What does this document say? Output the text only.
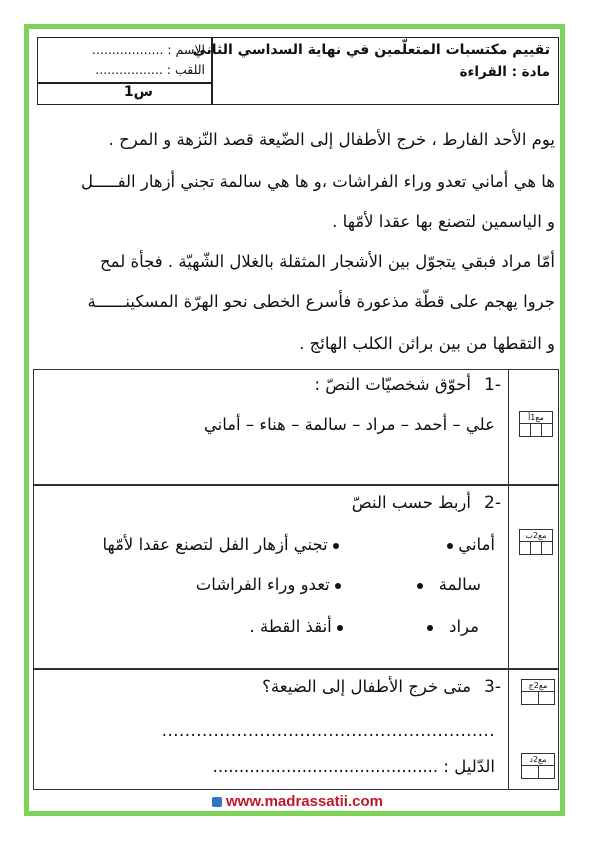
الاسم : ..................
اللقب : .................
س1
تقييم مكتسبات المتعلّمين في نهاية السداسي الثاني
مادة : القراءة
يوم الأحد الفارط ، خرج الأطفال إلى الضّيعة قصد النّزهة و المرح .
ها هي أماني تعدو وراء الفراشات ،و ها هي سالمة تجني أزهار الفـــــل
و الياسمين لتصنع بها عقدا لأمّها .
أمّا مراد فبقي يتجوّل بين الأشجار المثقلة بالغلال الشّهيّة . فجأة لمح
جروا يهجم على قطّة مذعورة فأسرع الخطى نحو الهرّة المسكينــــــة
و التقطها من بين براثن الكلب الهائج .
1-
أحوّق شخصيّات النصّ :
علي – أحمد – مراد – سالمة – هناء – أماني	مع1أ
2-
أربط حسب النصّ
أماني
سالمة
مراد
تجني أزهار الفل لتصنع عقدا لأمّها
تعدو وراء الفراشات
أنقذ القطة .
مع2ب
3-
متى خرج الأطفال إلى الضيعة؟
..........................................................
الدّليل : ...........................................
مع2ج
مع2د
www.madrassatii.com
